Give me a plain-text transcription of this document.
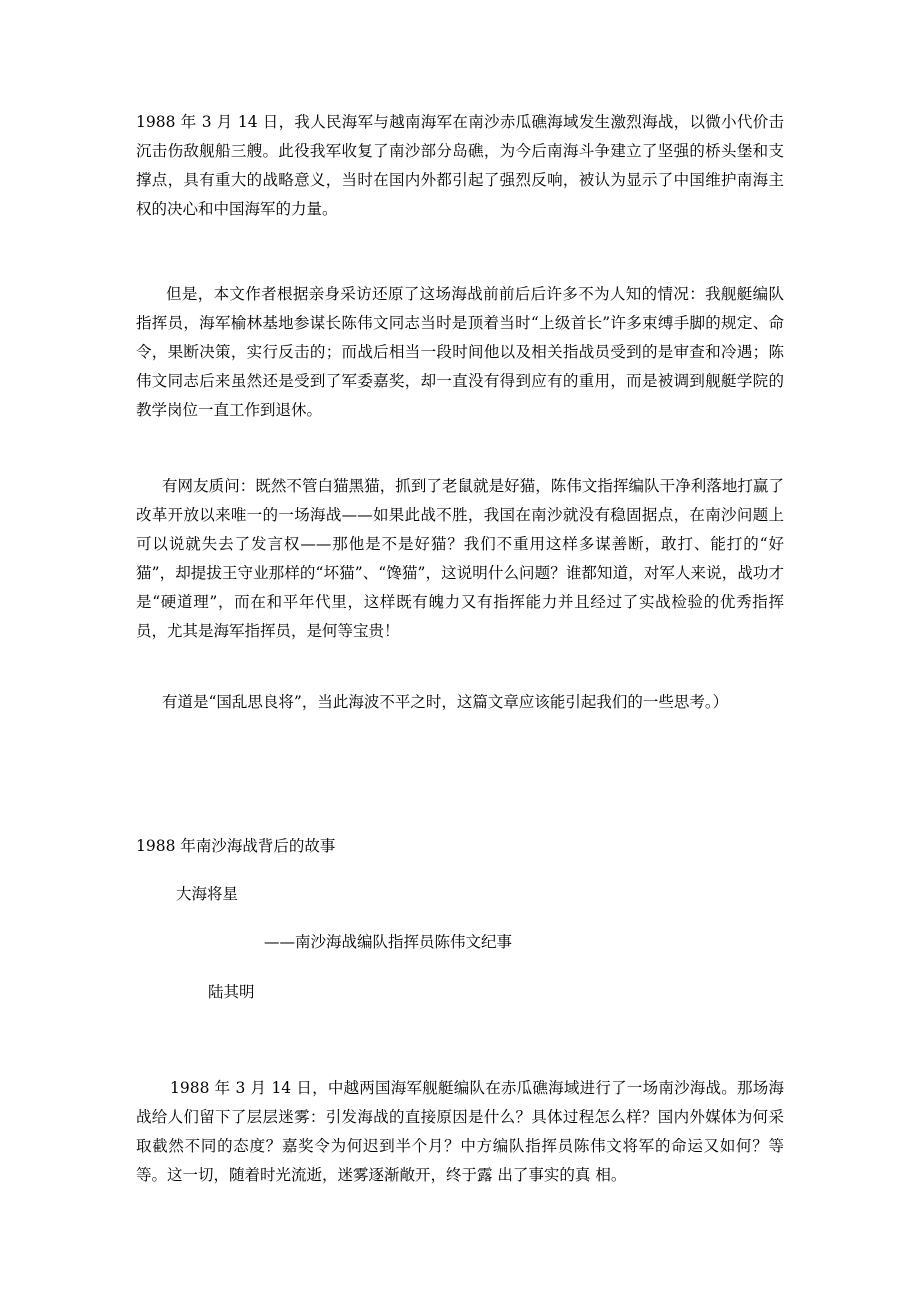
1988 年 3 月 14 日，我人民海军与越南海军在南沙赤瓜礁海域发生激烈海战，以微小代价击沉击伤敌舰船三艘。此役我军收复了南沙部分岛礁，为今后南海斗争建立了坚强的桥头堡和支撑点，具有重大的战略意义，当时在国内外都引起了强烈反响，被认为显示了中国维护南海主权的决心和中国海军的力量。

但是，本文作者根据亲身采访还原了这场海战前前后后许多不为人知的情况：我舰艇编队指挥员，海军榆林基地参谋长陈伟文同志当时是顶着当时“上级首长”许多束缚手脚的规定、命令，果断决策，实行反击的；而战后相当一段时间他以及相关指战员受到的是审查和冷遇；陈伟文同志后来虽然还是受到了军委嘉奖，却一直没有得到应有的重用，而是被调到舰艇学院的教学岗位一直工作到退休。

有网友质问：既然不管白猫黑猫，抓到了老鼠就是好猫，陈伟文指挥编队干净利落地打赢了改革开放以来唯一的一场海战——如果此战不胜，我国在南沙就没有稳固据点，在南沙问题上可以说就失去了发言权——那他是不是好猫？我们不重用这样多谋善断，敢打、能打的“好猫”，却提拔王守业那样的“坏猫”、“馋猫”，这说明什么问题？谁都知道，对军人来说，战功才是“硬道理”，而在和平年代里，这样既有魄力又有指挥能力并且经过了实战检验的优秀指挥员，尤其是海军指挥员，是何等宝贵！

有道是“国乱思良将”，当此海波不平之时，这篇文章应该能引起我们的一些思考。）

1988 年南沙海战背后的故事

大海将星

——南沙海战编队指挥员陈伟文纪事

陆其明

1988 年 3 月 14 日，中越两国海军舰艇编队在赤瓜礁海域进行了一场南沙海战。那场海战给人们留下了层层迷雾：引发海战的直接原因是什么？具体过程怎么样？国内外媒体为何采取截然不同的态度？嘉奖令为何迟到半个月？中方编队指挥员陈伟文将军的命运又如何？等等。这一切，随着时光流逝，迷雾逐渐敞开，终于露 出了事实的真 相。
